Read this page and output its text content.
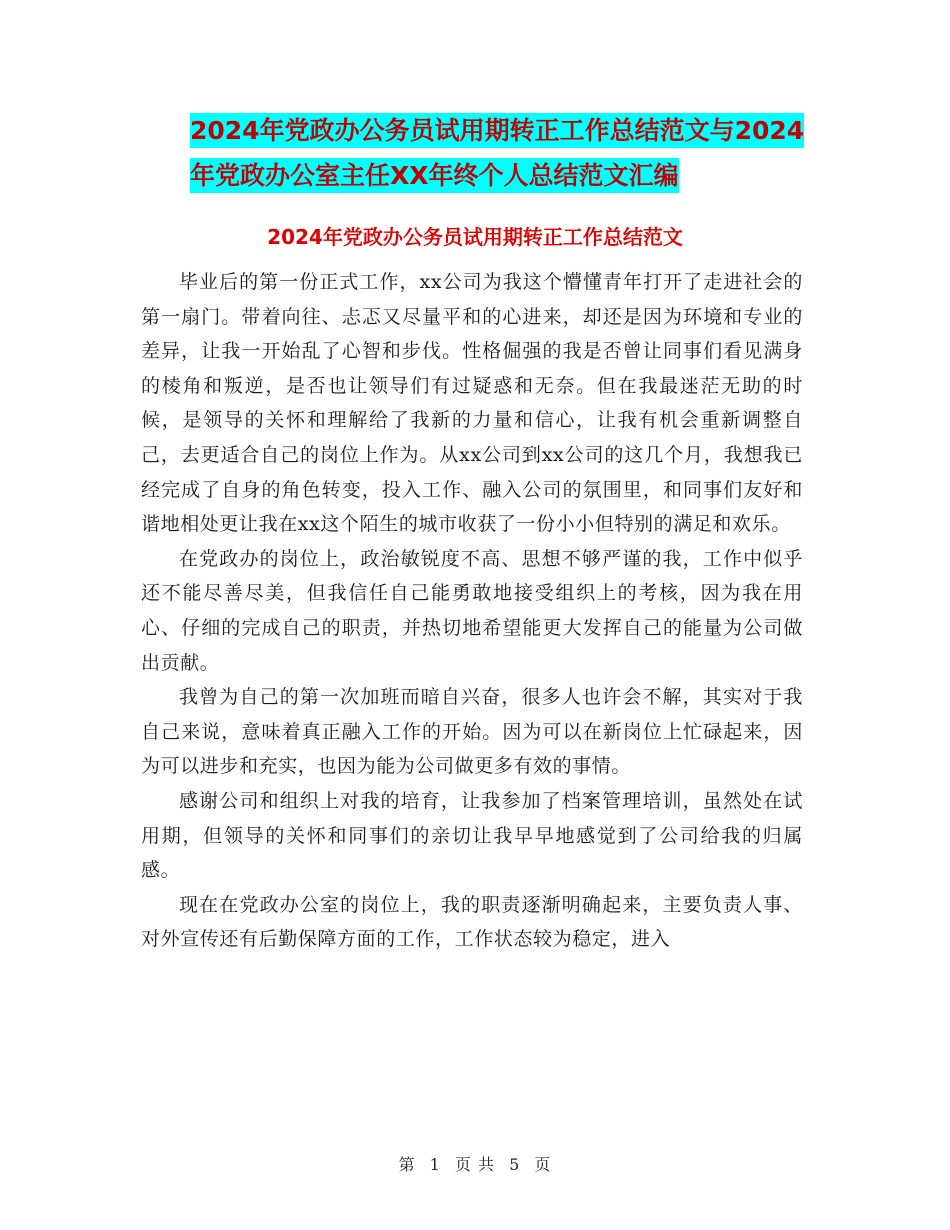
2024年党政办公务员试用期转正工作总结范文与2024
年党政办公室主任XX年终个人总结范文汇编
2024年党政办公务员试用期转正工作总结范文

毕业后的第一份正式工作，xx公司为我这个懵懂青年打开了走进社会的第一扇门。带着向往、忐忑又尽量平和的心进来，却还是因为环境和专业的差异，让我一开始乱了心智和步伐。性格倔强的我是否曾让同事们看见满身的棱角和叛逆，是否也让领导们有过疑惑和无奈。但在我最迷茫无助的时候，是领导的关怀和理解给了我新的力量和信心，让我有机会重新调整自己，去更适合自己的岗位上作为。从xx公司到xx公司的这几个月，我想我已经完成了自身的角色转变，投入工作、融入公司的氛围里，和同事们友好和谐地相处更让我在xx这个陌生的城市收获了一份小小但特别的满足和欢乐。

在党政办的岗位上，政治敏锐度不高、思想不够严谨的我，工作中似乎还不能尽善尽美，但我信任自己能勇敢地接受组织上的考核，因为我在用心、仔细的完成自己的职责，并热切地希望能更大发挥自己的能量为公司做出贡献。

我曾为自己的第一次加班而暗自兴奋，很多人也许会不解，其实对于我自己来说，意味着真正融入工作的开始。因为可以在新岗位上忙碌起来，因为可以进步和充实，也因为能为公司做更多有效的事情。

感谢公司和组织上对我的培育，让我参加了档案管理培训，虽然处在试用期，但领导的关怀和同事们的亲切让我早早地感觉到了公司给我的归属感。

现在在党政办公室的岗位上，我的职责逐渐明确起来，主要负责人事、对外宣传还有后勤保障方面的工作，工作状态较为稳定，进入

第 1 页 共 5 页
